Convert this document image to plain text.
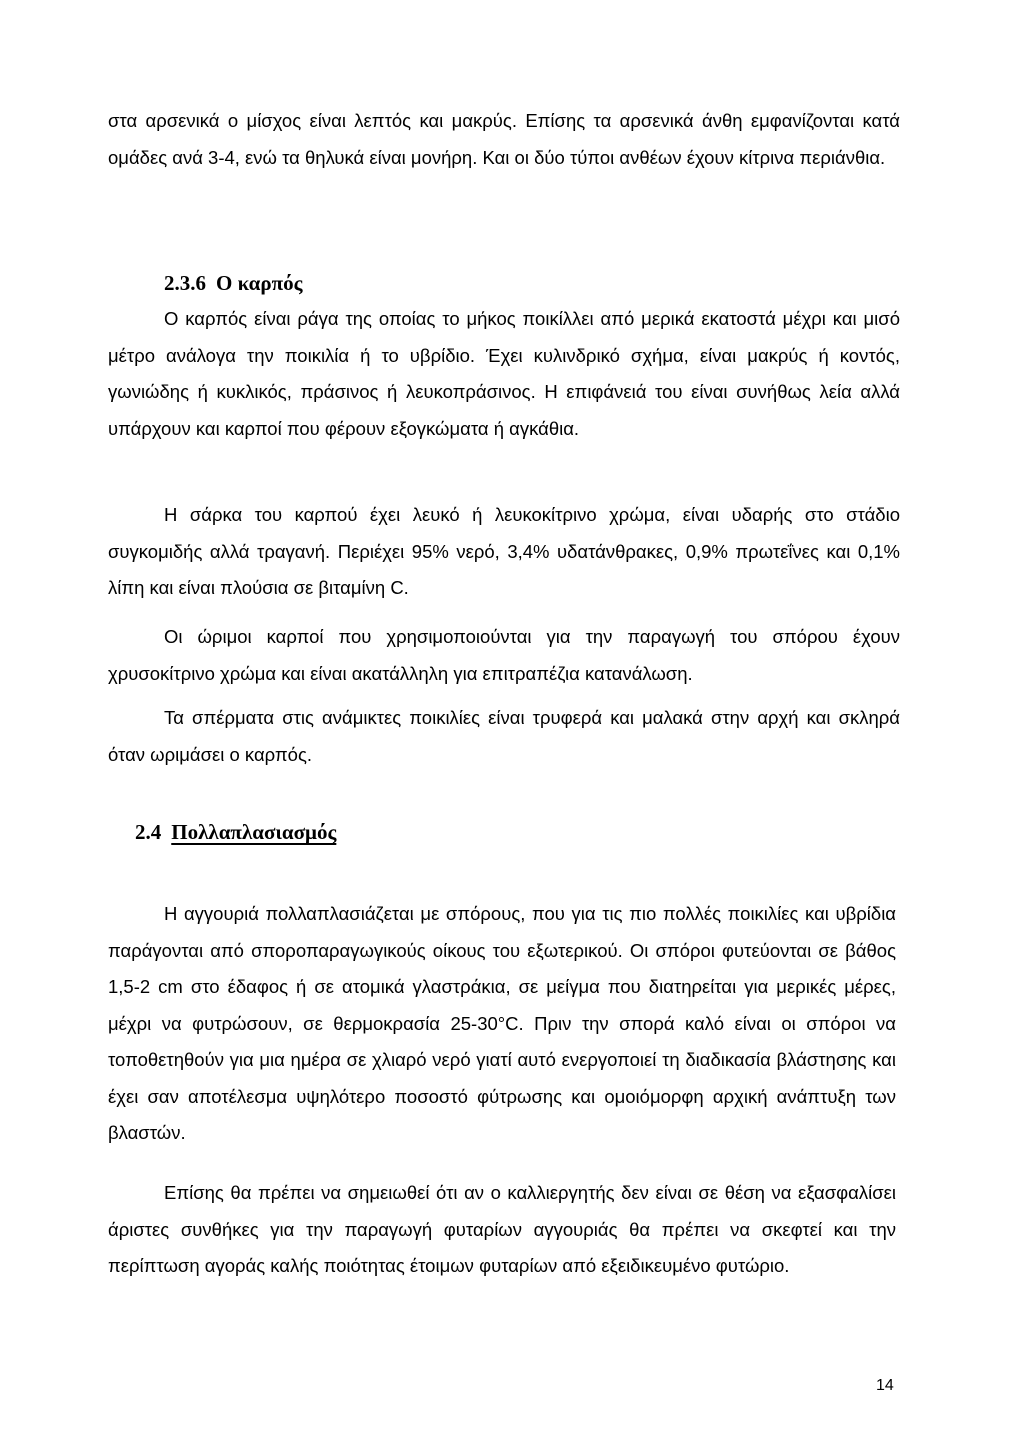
στα αρσενικά ο μίσχος είναι λεπτός και μακρύς. Επίσης τα αρσενικά άνθη εμφανίζονται κατά ομάδες ανά 3-4, ενώ τα θηλυκά είναι μονήρη. Και οι δύο τύποι ανθέων έχουν κίτρινα περιάνθια.

2.3.6 Ο καρπός

Ο καρπός είναι ράγα της οποίας το μήκος ποικίλλει από μερικά εκατοστά μέχρι και μισό μέτρο ανάλογα την ποικιλία ή το υβρίδιο. Έχει κυλινδρικό σχήμα, είναι μακρύς ή κοντός, γωνιώδης ή κυκλικός, πράσινος ή λευκοπράσινος. Η επιφάνειά του είναι συνήθως λεία αλλά υπάρχουν και καρποί που φέρουν εξογκώματα ή αγκάθια.

Η σάρκα του καρπού έχει λευκό ή λευκοκίτρινο χρώμα, είναι υδαρής στο στάδιο συγκομιδής αλλά τραγανή. Περιέχει 95% νερό, 3,4% υδατάνθρακες, 0,9% πρωτεΐνες και 0,1% λίπη και είναι πλούσια σε βιταμίνη C.

Οι ώριμοι καρποί που χρησιμοποιούνται για την παραγωγή του σπόρου έχουν χρυσοκίτρινο χρώμα και είναι ακατάλληλη για επιτραπέζια κατανάλωση.

Τα σπέρματα στις ανάμικτες ποικιλίες είναι τρυφερά και μαλακά στην αρχή και σκληρά όταν ωριμάσει ο καρπός.

2.4 Πολλαπλασιασμός

Η αγγουριά πολλαπλασιάζεται με σπόρους, που για τις πιο πολλές ποικιλίες και υβρίδια παράγονται από σποροπαραγωγικούς οίκους του εξωτερικού. Οι σπόροι φυτεύονται σε βάθος 1,5-2 cm στο έδαφος ή σε ατομικά γλαστράκια, σε μείγμα που διατηρείται για μερικές μέρες, μέχρι να φυτρώσουν, σε θερμοκρασία 25-30°C. Πριν την σπορά καλό είναι οι σπόροι να τοποθετηθούν για μια ημέρα σε χλιαρό νερό γιατί αυτό ενεργοποιεί τη διαδικασία βλάστησης και έχει σαν αποτέλεσμα υψηλότερο ποσοστό φύτρωσης και ομοιόμορφη αρχική ανάπτυξη των βλαστών.

Επίσης θα πρέπει να σημειωθεί ότι αν ο καλλιεργητής δεν είναι σε θέση να εξασφαλίσει άριστες συνθήκες για την παραγωγή φυταρίων αγγουριάς θα πρέπει να σκεφτεί και την περίπτωση αγοράς καλής ποιότητας έτοιμων φυταρίων από εξειδικευμένο φυτώριο.

14
